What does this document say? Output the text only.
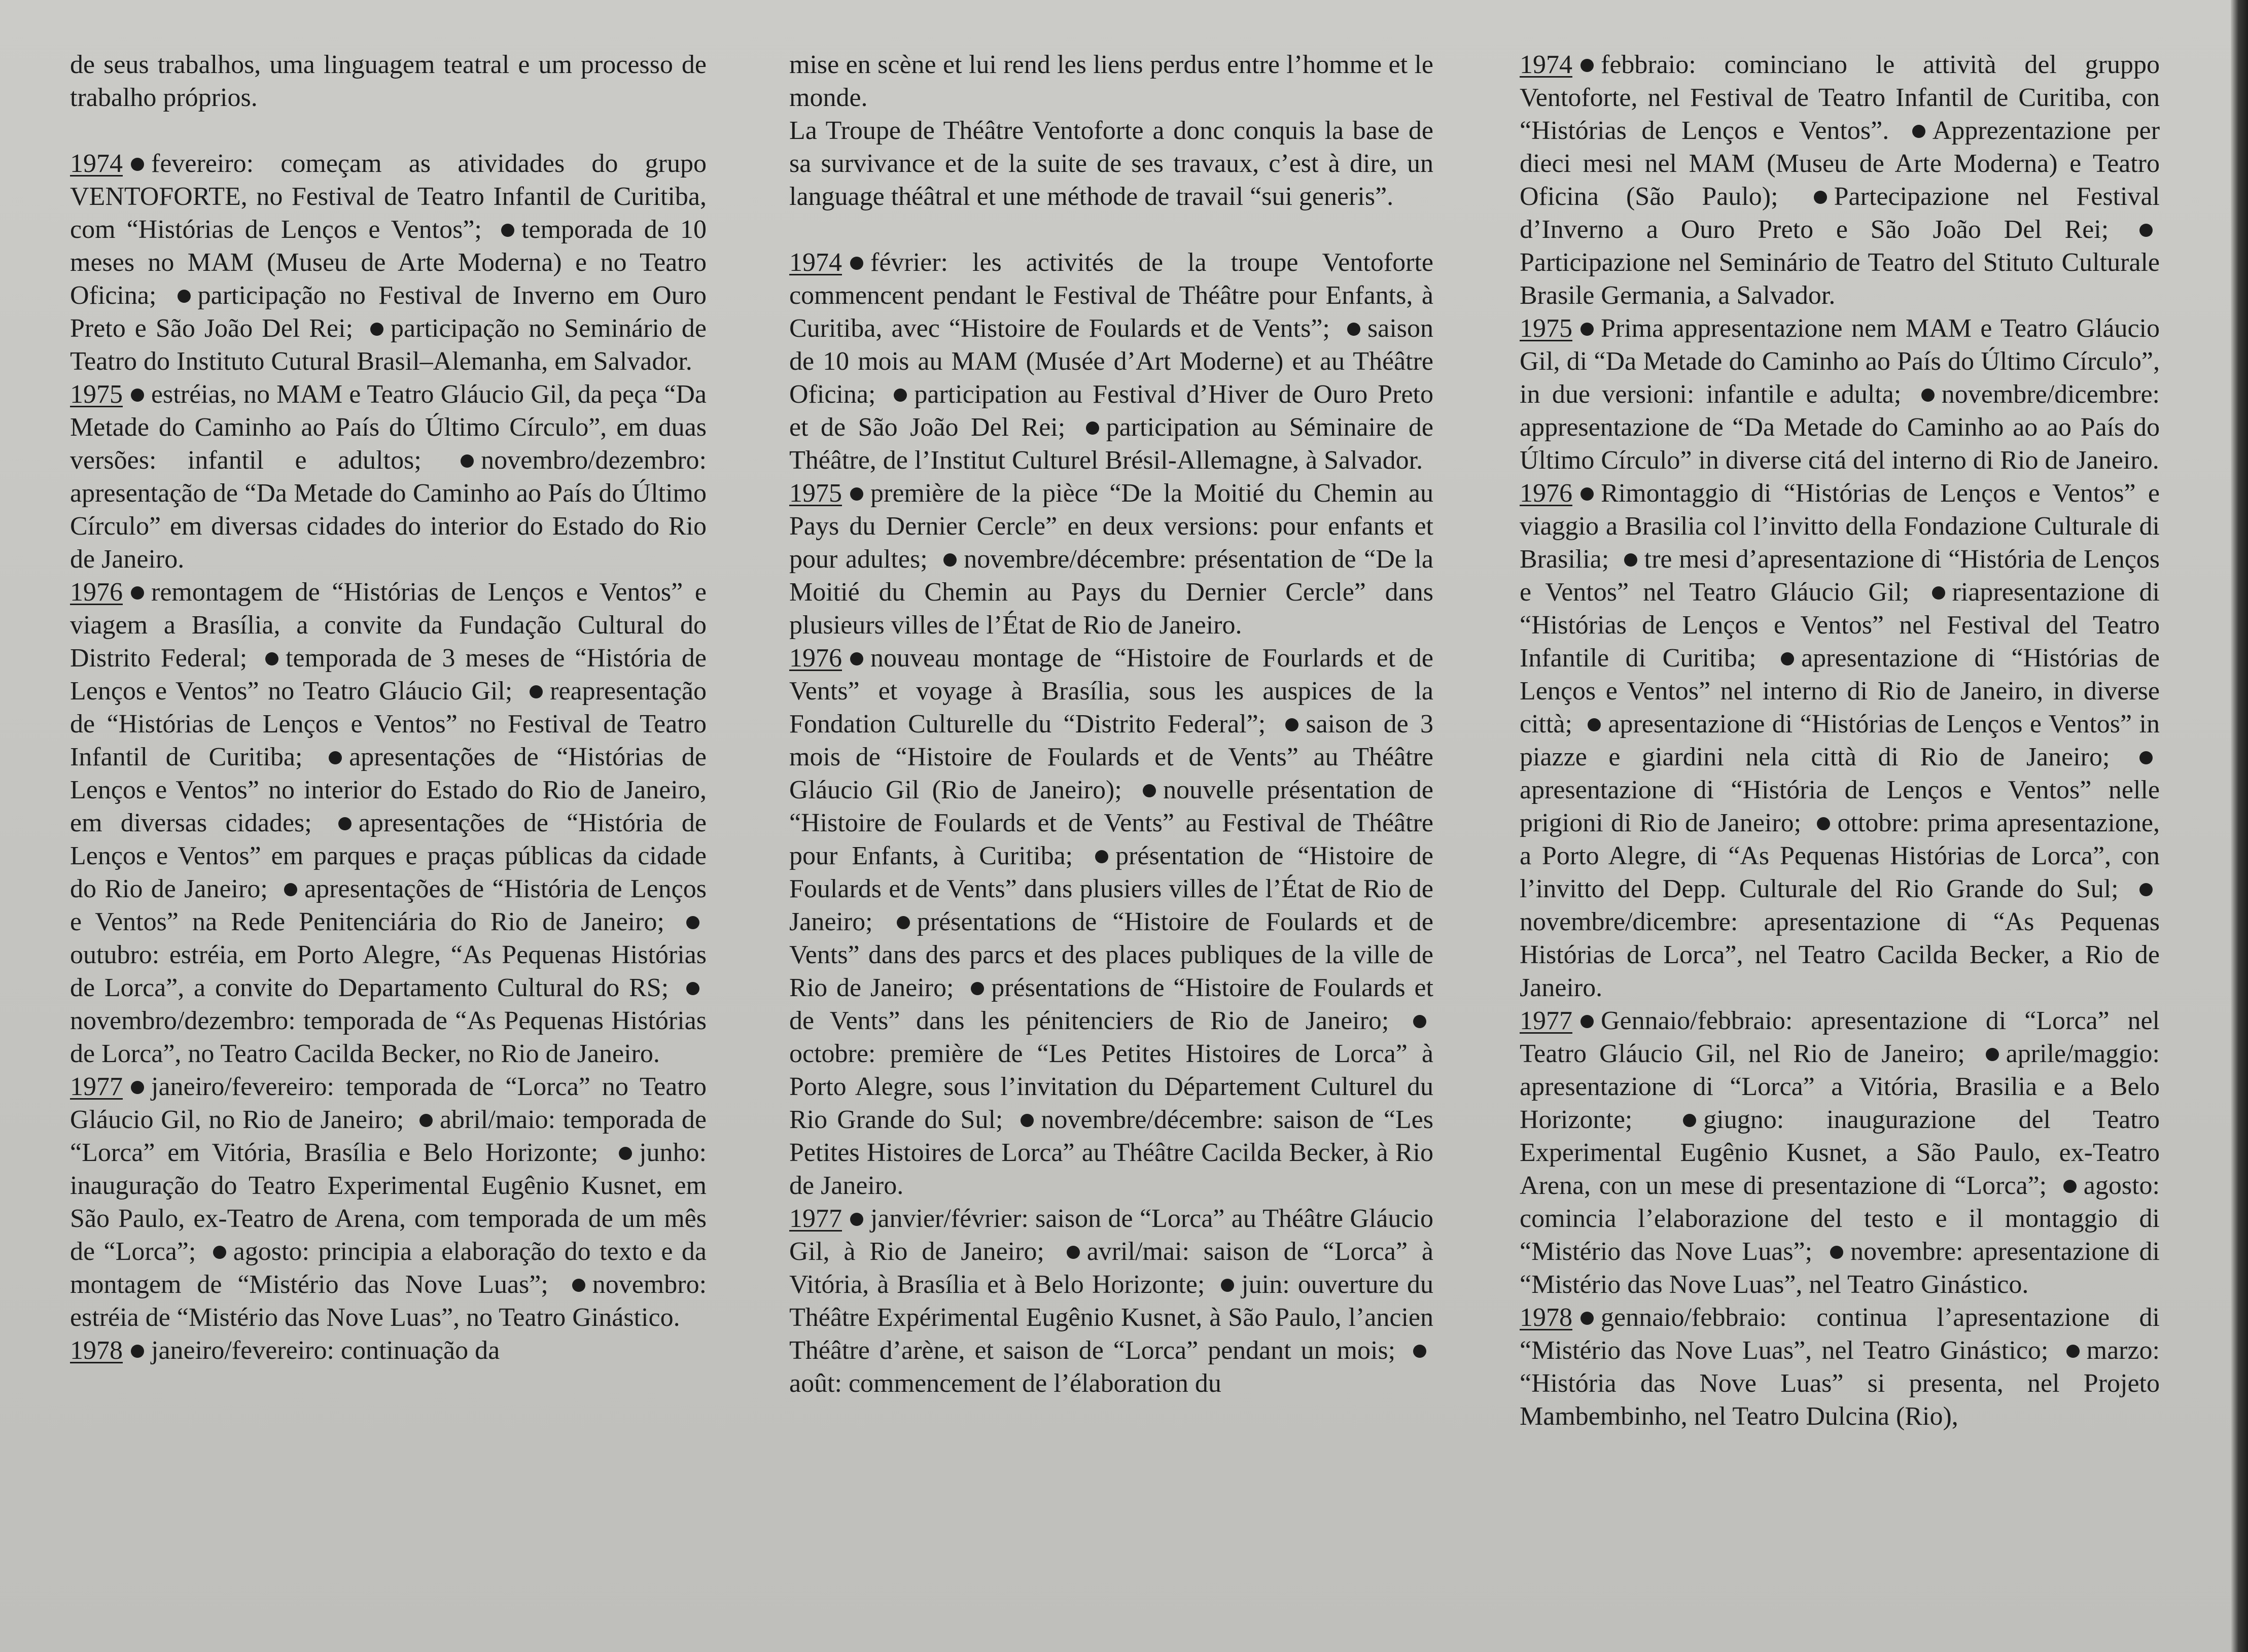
de seus trabalhos, uma linguagem teatral e um processo de trabalho próprios.

1974 fevereiro: começam as atividades do grupo VENTOFORTE, no Festival de Teatro Infantil de Curitiba, com “Histórias de Lenços e Ventos”; temporada de 10 meses no MAM (Museu de Arte Moderna) e no Teatro Oficina; participação no Festival de Inverno em Ouro Preto e São João Del Rei; participação no Seminário de Teatro do Instituto Cutural Brasil–Alemanha, em Salvador.

1975 estréias, no MAM e Teatro Gláucio Gil, da peça “Da Metade do Caminho ao País do Último Círculo”, em duas versões: infantil e adultos; novembro/dezembro: apresentação de “Da Metade do Caminho ao País do Último Círculo” em diversas cidades do interior do Estado do Rio de Janeiro.

1976 remontagem de “Histórias de Lenços e Ventos” e viagem a Brasília, a convite da Fundação Cultural do Distrito Federal; temporada de 3 meses de “História de Lenços e Ventos” no Teatro Gláucio Gil; reapresentação de “Histórias de Lenços e Ventos” no Festival de Teatro Infantil de Curitiba; apresentações de “Histórias de Lenços e Ventos” no interior do Estado do Rio de Janeiro, em diversas cidades; apresentações de “História de Lenços e Ventos” em parques e praças públicas da cidade do Rio de Janeiro; apresentações de “História de Lenços e Ventos” na Rede Penitenciária do Rio de Janeiro; outubro: estréia, em Porto Alegre, “As Pequenas Histórias de Lorca”, a convite do Departamento Cultural do RS; novembro/dezembro: temporada de “As Pequenas Histórias de Lorca”, no Teatro Cacilda Becker, no Rio de Janeiro.

1977 janeiro/fevereiro: temporada de “Lorca” no Teatro Gláucio Gil, no Rio de Janeiro; abril/maio: temporada de “Lorca” em Vitória, Brasília e Belo Horizonte; junho: inauguração do Teatro Experimental Eugênio Kusnet, em São Paulo, ex-Teatro de Arena, com temporada de um mês de “Lorca”; agosto: principia a elaboração do texto e da montagem de “Mistério das Nove Luas”; novembro: estréia de “Mistério das Nove Luas”, no Teatro Ginástico.

1978 janeiro/fevereiro: continuação da

mise en scène et lui rend les liens perdus entre l’homme et le monde.

La Troupe de Théâtre Ventoforte a donc conquis la base de sa survivance et de la suite de ses travaux, c’est à dire, un language théâtral et une méthode de travail “sui generis”.

1974 février: les activités de la troupe Ventoforte commencent pendant le Festival de Théâtre pour Enfants, à Curitiba, avec “Histoire de Foulards et de Vents”; saison de 10 mois au MAM (Musée d’Art Moderne) et au Théâtre Oficina; participation au Festival d’Hiver de Ouro Preto et de São João Del Rei; participation au Séminaire de Théâtre, de l’Institut Culturel Brésil-Allemagne, à Salvador.

1975 première de la pièce “De la Moitié du Chemin au Pays du Dernier Cercle” en deux versions: pour enfants et pour adultes; novembre/décembre: présentation de “De la Moitié du Chemin au Pays du Dernier Cercle” dans plusieurs villes de l’État de Rio de Janeiro.

1976 nouveau montage de “Histoire de Fourlards et de Vents” et voyage à Brasília, sous les auspices de la Fondation Culturelle du “Distrito Federal”; saison de 3 mois de “Histoire de Foulards et de Vents” au Théâtre Gláucio Gil (Rio de Janeiro); nouvelle présentation de “Histoire de Foulards et de Vents” au Festival de Théâtre pour Enfants, à Curitiba; présentation de “Histoire de Foulards et de Vents” dans plusiers villes de l’État de Rio de Janeiro; présentations de “Histoire de Foulards et de Vents” dans des parcs et des places publiques de la ville de Rio de Janeiro; présentations de “Histoire de Foulards et de Vents” dans les pénitenciers de Rio de Janeiro; octobre: première de “Les Petites Histoires de Lorca” à Porto Alegre, sous l’invitation du Département Culturel du Rio Grande do Sul; novembre/décembre: saison de “Les Petites Histoires de Lorca” au Théâtre Cacilda Becker, à Rio de Janeiro.

1977 janvier/février: saison de “Lorca” au Théâtre Gláucio Gil, à Rio de Janeiro; avril/mai: saison de “Lorca” à Vitória, à Brasília et à Belo Horizonte; juin: ouverture du Théâtre Expérimental Eugênio Kusnet, à São Paulo, l’ancien Théâtre d’arène, et saison de “Lorca” pendant un mois; août: commencement de l’élaboration du

1974 febbraio: cominciano le attività del gruppo Ventoforte, nel Festival de Teatro Infantil de Curitiba, con “Histórias de Lenços e Ventos”. Apprezentazione per dieci mesi nel MAM (Museu de Arte Moderna) e Teatro Oficina (São Paulo); Partecipazione nel Festival d’Inverno a Ouro Preto e São João Del Rei; Participazione nel Seminário de Teatro del Stituto Culturale Brasile Germania, a Salvador.

1975 Prima appresentazione nem MAM e Teatro Gláucio Gil, di “Da Metade do Caminho ao País do Último Círculo”, in due versioni: infantile e adulta; novembre/dicembre: appresentazione de “Da Metade do Caminho ao ao País do Último Círculo” in diverse citá del interno di Rio de Janeiro.

1976 Rimontaggio di “Histórias de Lenços e Ventos” e viaggio a Brasilia col l’invitto della Fondazione Culturale di Brasilia; tre mesi d’apresentazione di “História de Lenços e Ventos” nel Teatro Gláucio Gil; riapresentazione di “Histórias de Lenços e Ventos” nel Festival del Teatro Infantile di Curitiba; apresentazione di “Histórias de Lenços e Ventos” nel interno di Rio de Janeiro, in diverse città; apresentazione di “Histórias de Lenços e Ventos” in piazze e giardini nela città di Rio de Janeiro; apresentazione di “História de Lenços e Ventos” nelle prigioni di Rio de Janeiro; ottobre: prima apresentazione, a Porto Alegre, di “As Pequenas Histórias de Lorca”, con l’invitto del Depp. Culturale del Rio Grande do Sul; novembre/dicembre: apresentazione di “As Pequenas Histórias de Lorca”, nel Teatro Cacilda Becker, a Rio de Janeiro.

1977 Gennaio/febbraio: apresentazione di “Lorca” nel Teatro Gláucio Gil, nel Rio de Janeiro; aprile/maggio: apresentazione di “Lorca” a Vitória, Brasilia e a Belo Horizonte;	giugno: inaugurazione del Teatro Experimental Eugênio Kusnet, a São Paulo, ex-Teatro Arena, con un mese di presentazione di “Lorca”; agosto: comincia l’elaborazione del testo e il montaggio di “Mistério das Nove Luas”; novembre: apresentazione di “Mistério das Nove Luas”, nel Teatro Ginástico.

1978 gennaio/febbraio: continua l’apresentazione di “Mistério das Nove Luas”, nel Teatro Ginástico; marzo: “História das Nove Luas” si presenta, nel Projeto Mambembinho, nel Teatro Dulcina (Rio),
